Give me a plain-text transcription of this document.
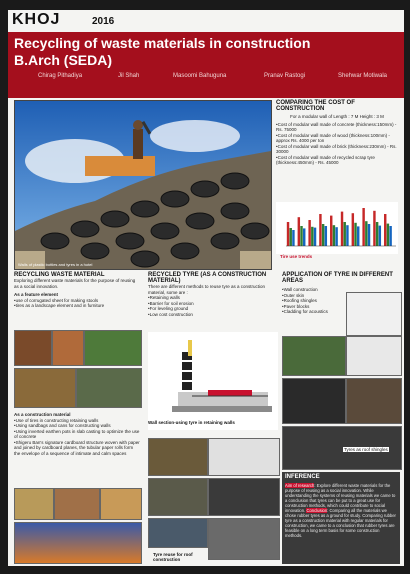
KHOJ	2016
Recycling of waste materials in construction
B.Arch (SEDA)
Chirag Pithadiya	Jil Shah	Masoomi Bahuguna	Pranav Rastogi	Shehwar Motiwala
Walls of plastic bottles and tyres in a hotel
COMPARING THE COST OF CONSTRUCTION

For a modular wall of Length : 7 M Height : 3 M

•Cost of modular wall made of concrete (thickness:150mm) - Rs. 75000
•Cost of modular wall made of wood (thickness:100mm) - approx Rs. 4000 per ton
•Cost of modular wall made of brick (thickness:230mm) - Rs. 30000
•Cost of modular wall made of recycled scrap tyre (thickness:450mm) - Rs. 45000
Tire use trends
RECYCLING WASTE MATERIAL

Exploring different waste materials for the purpose of reusing as a social innovation.

As a feature element

•use of corrugated sheet for making stools
•tires as a landscape element and in furniture

As a construction material

•Use of tires in constructing retaining walls
•Using sandbags and cans for constructing walls
•Using inverted earthen pots in slab casting to optimize the use of concrete
•Shigeru Ban's signature cardboard structure woven with paper and joined by cardboard planes, the tubular paper rolls form the envelope of a sequence of intimate and calm spaces
RECYCLED TYRE (AS A CONSTRUCTION MATERIAL)

There are different methods to reuse tyre as a construction material, some are :

•Retaining walls
•Barrier for soil erosion
•For leveling ground
•Low cost construction
Wall section-using tyre in retaining walls
Tyre reuse for roof construction
APPLICATION OF TYRE IN DIFFERENT AREAS
•Wall construction
•Outer skin
•Roofing shingles
•Paver blocks
•Cladding for acoustics
Tyres as roof shingles
INFERENCE

Aim of research: Explore different waste materials for the purpose of reusing as a social innovation. While understanding the systems of reusing materials we came to a conclusion that tyres can be put to a great use for construction methods, which could contribute to social innovation. Conclusion: Comparing all the materials we chose rubber tyres as a ground for study. Comparing rubber tyre as a construction material with regular materials for construction, we came to a conclusion that rubber tyres are feasible on a long term basis for some construction methods.
